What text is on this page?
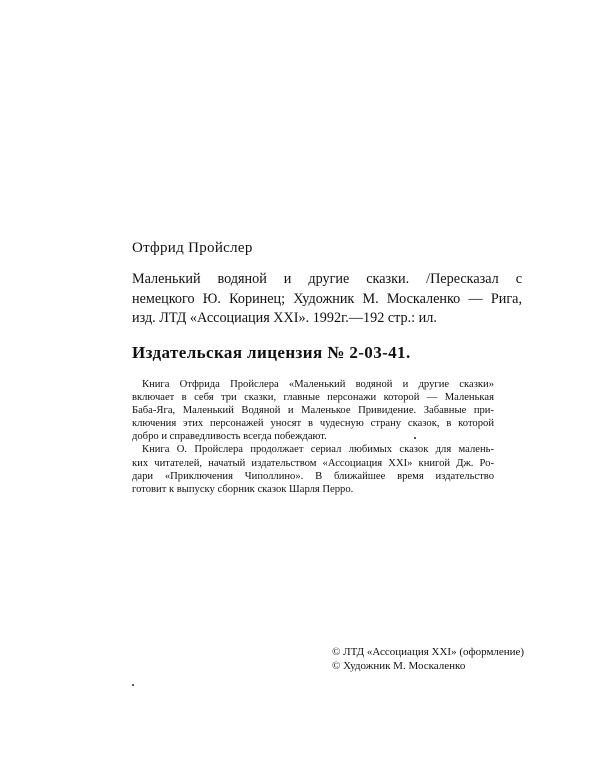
Отфрид Пройслер
Маленький водяной и другие сказки. /Пересказал с
немецкого Ю. Коринец; Художник М. Москаленко — Рига,
изд. ЛТД «Ассоциация XXI». 1992г.—192 стр.: ил.
Издательская лицензия № 2-03-41.
Книга Отфрида Пройслера «Маленький водяной и другие сказки»
включает в себя три сказки, главные персонажи которой — Маленькая
Баба-Яга, Маленький Водяной и Маленькое Привидение. Забавные при-
ключения этих персонажей уносят в чудесную страну сказок, в которой
добро и справедливость всегда побеждают.
Книга О. Пройслера продолжает сериал любимых сказок для малень-
ких читателей, начатый издательством «Ассоциация XXI» книгой Дж. Ро-
дари «Приключения Чиполлино». В ближайшее время издательство
готовит к выпуску сборник сказок Шарля Перро.
© ЛТД «Ассоциация XXI» (оформление)
© Художник М. Москаленко
